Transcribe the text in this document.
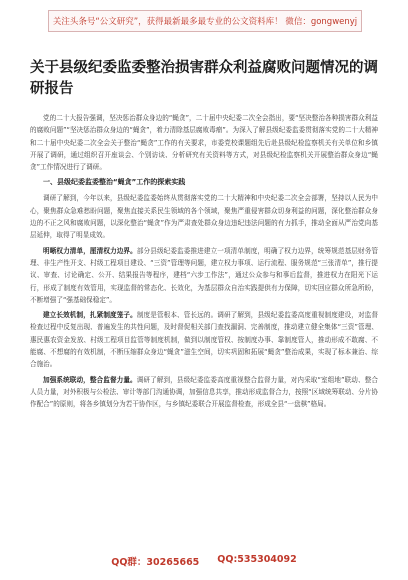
关注头条号“公文研究”，获得最新最多最专业的公文资料库！ 微信：gongwenyj
关于县级纪委监委整治损害群众利益腐败问题情况的调研报告

党的二十大报告强调，坚决惩治群众身边的“蝇贪”，二十届中央纪委二次全会指出，要“坚决整治各种损害群众利益的腐败问题”“坚决惩治群众身边的“蝇贪”，着力清除基层腐败毒瘤”。为深入了解县级纪委监委贯彻落实党的二十大精神和二十届中央纪委二次全会关于整治“蝇贪”工作的有关要求，市委党校课题组先后赴县级纪检监察机关有关单位和乡镇开展了调研，通过组织召开座谈会、个别访谈、分析研究有关资料等方式，对县级纪检监察机关开展整治群众身边“蝇贪”工作情况进行了调研。

一、县级纪委监委整治“蝇贪”工作的探索实践

调研了解到，今年以来，县级纪委监委始终从贯彻落实党的二十大精神和中央纪委二次全会部署，坚持以人民为中心，聚焦群众急难愁盼问题，聚焦直接关系民生领域的各个领域，聚焦严重侵害群众切身利益的问题，深化整治群众身边的不正之风和腐败问题，以深化整治“蝇贪”作为严肃查处群众身边违纪违法问题的有力抓手，推动全面从严治党向基层延伸，取得了明显成效。

明晰权力清单，厘清权力边界。部分县级纪委监委推进建立一项清单制度，明确了权力边界，统筹规范基层财务管理、非生产性开支、村级工程项目建设、“三资”管理等问题，建立权力事项、运行流程、服务规范“三张清单”，推行提议、审查、讨论确定、公开、结果报告等程序，建档“六步工作法”，通过公众参与和事后监督，推进权力在阳光下运行，形成了制度有效管用，实现监督的常态化、长效化，为基层群众自治实践提供有力保障，切实回应群众所急所盼，不断增强了“强基础保稳定”。

建立长效机制，扎紧制度笼子。制度是管根本、管长远的。调研了解到，县级纪委监委高度重视制度建设，对监督检查过程中反复出现、普遍发生的共性问题，及时督促相关部门查找漏洞、完善制度，推动建立健全集体“三资”管理、惠民惠农资金发放、村级工程项目监管等制度机制，做到以制度管权、按制度办事、靠制度管人，推动形成不敢腐、不能腐、不想腐的有效机制，不断压缩群众身边“蝇贪”滋生空间，切实巩固和拓展“蝇贪”整治成果，实现了标本兼治、综合施治。

加强系统联动，整合监督力量。调研了解到，县级纪委监委高度重视整合监督力量，对内采取“室组地”联动、整合人员力量，对外积极与公检法、审计等部门沟通协调，加强信息共享，推动形成监督合力，按照“区域统筹联动、分片协作配合”的原则，将各乡镇划分为若干协作区，与乡镇纪委联合开展监督检查，形成全县“一盘棋”格局。

QQ群：30265665 QQ:535304092
